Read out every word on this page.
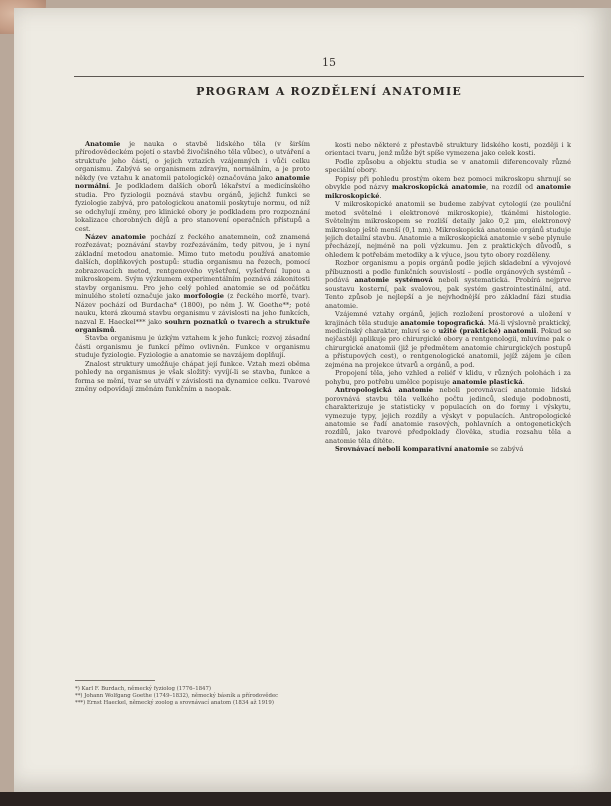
15
PROGRAM A ROZDĚLENÍ ANATOMIE

Anatomie je nauka o stavbě lidského těla (v širším přírodovědeckém pojetí o stavbě živočišného těla vůbec), o utváření a struktuře jeho částí, o jejich vztazích vzájemných i vůči celku organismu. Zabývá se organismem zdravým, normálním, a je proto někdy (ve vztahu k anatomii patologické) označována jako anatomie normální. Je podkladem dalších oborů lékařství a medicínského studia. Pro fyziologii poznává stavbu orgánů, jejichž funkci se fyziologie zabývá, pro patologickou anatomii poskytuje normu, od níž se odchylují změny, pro klinické obory je podkladem pro rozpoznání lokalizace chorobných dějů a pro stanovení operačních přístupů a cest.

Název anatomie pochází z řeckého anatemnein, což znamená rozřezávat; poznávání stavby rozřezáváním, tedy pitvou, je i nyní základní metodou anatomie. Mimo tuto metodu používá anatomie dalších, doplňkových postupů: studia organismu na řezech, pomocí zobrazovacích metod, rentgenového vyšetření, vyšetření lupou a mikroskopem. Svým výzkumem experimentálním poznává zákonitosti stavby organismu. Pro jeho celý pohled anatomie se od počátku minulého století označuje jako morfologie (z řeckého morfé, tvar). Název pochází od Burdacha* (1800), po něm J. W. Goethe**; poté nauku, která zkoumá stavbu organismu v závislosti na jeho funkcích, nazval E. Haeckel*** jako souhrn poznatků o tvarech a struktuře organismů.

Stavba organismu je úzkým vztahem k jeho funkci; rozvoj zásadní části organismu je funkcí přímo ovlivněn. Funkce v organismu studuje fyziologie. Fyziologie a anatomie se navzájem doplňují.

Znalost struktury umožňuje chápat její funkce. Vztah mezi oběma pohledy na organismus je však složitý: vyvíjí-li se stavba, funkce a forma se mění, tvar se utváří v závislosti na dynamice celku. Tvarové změny odpovídají změnám funkčním a naopak.

*) Karl F. Burdach, německý fyziolog (1776–1847)
**) Johann Wolfgang Goethe (1749–1832), německý básník a přírodovědec
***) Ernst Haeckel, německý zoolog a srovnávací anatom (1834 až 1919)

kosti nebo některé z přestavbě struktury lidského kosti, později i k orientaci tvaru, jenž může být spíše vymezena jako celek kosti.

Podle způsobu a objektu studia se v anatomii diferencovaly různé speciální obory.

Popisy při pohledu prostým okem bez pomoci mikroskopu shrnují se obvykle pod názvy makroskopická anatomie, na rozdíl od anatomie mikroskopické.

V mikroskopické anatomii se budeme zabývat cytologií (ze pouliční metod světelné i elektronové mikroskopie), tkáněmi histologie. Světelným mikroskopem se rozliší detaily jako 0,2 μm, elektronový mikroskop ještě menší (0,1 nm). Mikroskopická anatomie orgánů studuje jejich detailní stavbu. Anatomie a mikroskopická anatomie v sebe plynule přecházejí, nejméně na poli výzkumu. Jen z praktických důvodů, s ohledem k potřebám metodiky a k výuce, jsou tyto obory rozděleny.

Rozbor organismu a popis orgánů podle jejich skladební a vývojové příbuznosti a podle funkčních souvislostí – podle orgánových systémů – podává anatomie systémová neboli systematická. Probírá nejprve soustavu kosterní, pak svalovou, pak systém gastrointestinální, atd. Tento způsob je nejlepší a je nejvhodnější pro základní fázi studia anatomie.

Vzájemné vztahy orgánů, jejich rozložení prostorové a uložení v krajinách těla studuje anatomie topografická. Má-li výslovně praktický, medicínský charakter, mluví se o užité (praktické) anatomii. Pokud se nejčastěji aplikuje pro chirurgické obory a rentgenologii, mluvíme pak o chirurgické anatomii (již je předmětem anatomie chirurgických postupů a přístupových cest), o rentgenologické anatomii, jejíž zájem je cílen zejména na projekce útvarů a orgánů, a pod.

Propojení těla, jeho vzhled a reliéf v klidu, v různých polohách i za pohybu, pro potřebu umělce popisuje anatomie plastická.

Antropologická anatomie neboli porovnávací anatomie lidská porovnává stavbu těla velkého počtu jedinců, sleduje podobnosti, charakterizuje je statisticky v populacích on do formy i výskytu, vymezuje typy, jejich rozdíly a výskyt v populacích. Antropologické anatomie se řadí anatomie rasových, pohlavních a ontogenetických rozdílů, jako tvarové předpoklady člověka, studia rozsahu těla a anatomie těla dítěte.

Srovnávací neboli komparativní anatomie se zabývá
